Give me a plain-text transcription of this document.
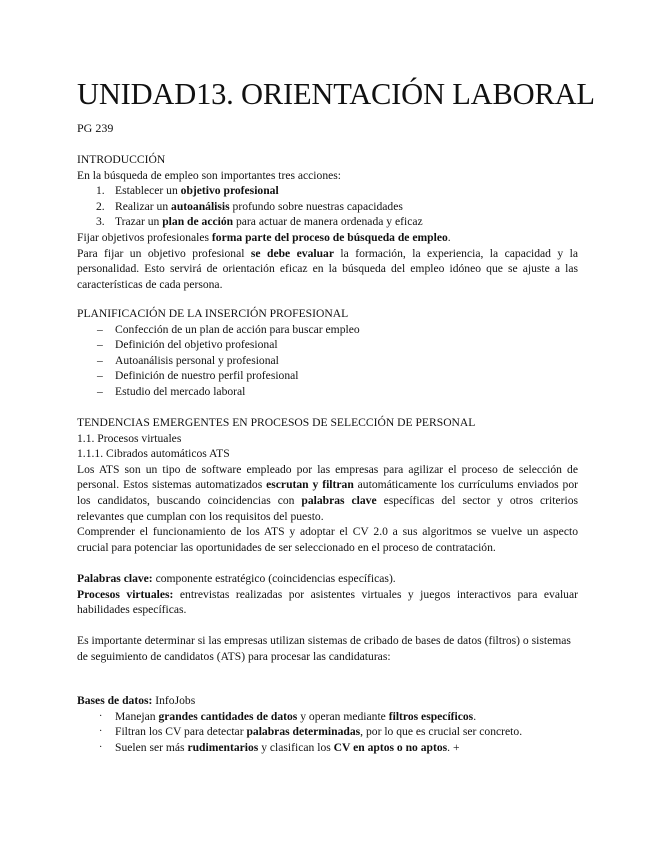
UNIDAD13. ORIENTACIÓN LABORAL
PG 239
INTRODUCCIÓN
En la búsqueda de empleo son importantes tres acciones:
1. Establecer un objetivo profesional
2. Realizar un autoanálisis profundo sobre nuestras capacidades
3. Trazar un plan de acción para actuar de manera ordenada y eficaz
Fijar objetivos profesionales forma parte del proceso de búsqueda de empleo.
Para fijar un objetivo profesional se debe evaluar la formación, la experiencia, la capacidad y la personalidad. Esto servirá de orientación eficaz en la búsqueda del empleo idóneo que se ajuste a las características de cada persona.
PLANIFICACIÓN DE LA INSERCIÓN PROFESIONAL
– Confección de un plan de acción para buscar empleo
– Definición del objetivo profesional
– Autoanálisis personal y profesional
– Definición de nuestro perfil profesional
– Estudio del mercado laboral
TENDENCIAS EMERGENTES EN PROCESOS DE SELECCIÓN DE PERSONAL
1.1. Procesos virtuales
1.1.1. Cibrados automáticos ATS
Los ATS son un tipo de software empleado por las empresas para agilizar el proceso de selección de personal. Estos sistemas automatizados escrutan y filtran automáticamente los currículums enviados por los candidatos, buscando coincidencias con palabras clave específicas del sector y otros criterios relevantes que cumplan con los requisitos del puesto.
Comprender el funcionamiento de los ATS y adoptar el CV 2.0 a sus algoritmos se vuelve un aspecto crucial para potenciar las oportunidades de ser seleccionado en el proceso de contratación.
Palabras clave: componente estratégico (coincidencias específicas).
Procesos virtuales: entrevistas realizadas por asistentes virtuales y juegos interactivos para evaluar habilidades específicas.
Es importante determinar si las empresas utilizan sistemas de cribado de bases de datos (filtros) o sistemas de seguimiento de candidatos (ATS) para procesar las candidaturas:
Bases de datos: InfoJobs
· Manejan grandes cantidades de datos y operan mediante filtros específicos.
· Filtran los CV para detectar palabras determinadas, por lo que es crucial ser concreto.
· Suelen ser más rudimentarios y clasifican los CV en aptos o no aptos. +
